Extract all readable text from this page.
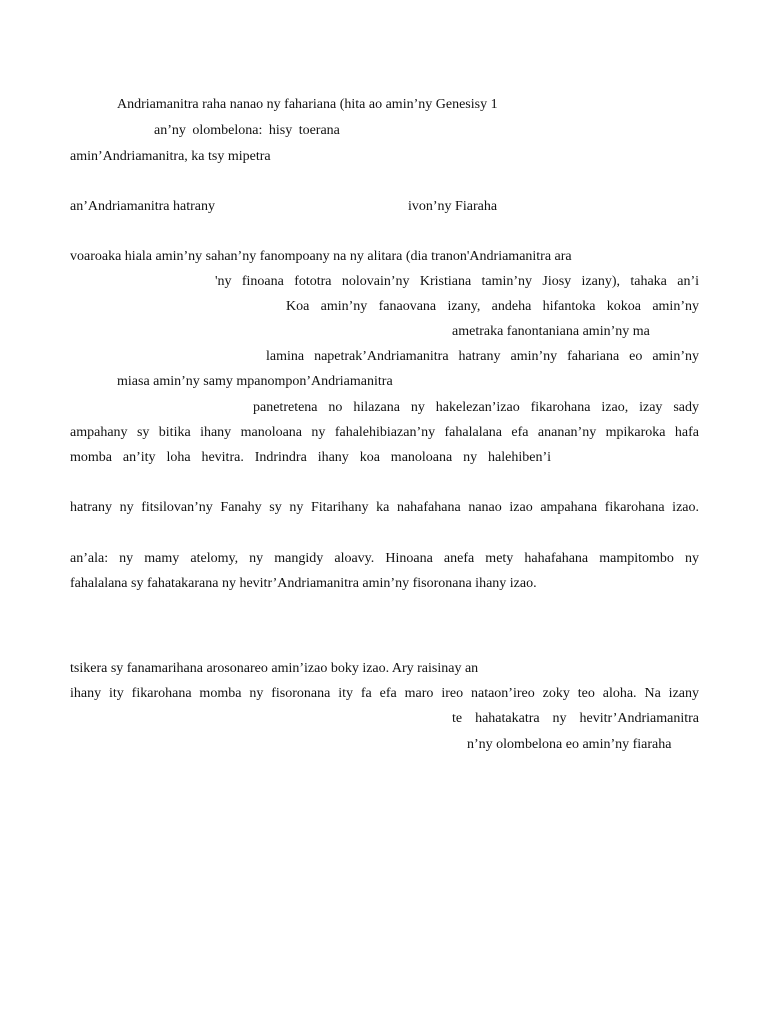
Andriamanitra raha nanao ny fahariana (hita ao amin’ny Genesisy 1
an’ny olombelona: hisy toerana
amin’Andriamanitra, ka tsy mipetra
an’Andriamanitra hatrany	ivon’ny Fiaraha
voaroaka hiala amin’ny sahan’ny fanompoany na ny alitara (dia tranon'Andriamanitra ara
'ny finoana fototra nolovain’ny Kristiana tamin’ny Jiosy izany), tahaka an’i
Koa amin’ny fanaovana izany, andeha hifantoka kokoa amin’ny
ametraka fanontaniana amin’ny ma
lamina napetrak’Andriamanitra hatrany amin’ny fahariana eo amin’ny
miasa amin’ny samy mpanompon’Andriamanitra
panetretena no hilazana ny hakelezan’izao fikarohana izao, izay sady
ampahany sy bitika ihany manoloana ny fahalehibiazan’ny fahalalana efa ananan’ny mpikaroka hafa
momba an’ity loha hevitra. Indrindra ihany koa manoloana ny halehiben’i
hatrany ny fitsilovan’ny Fanahy sy ny Fitarihany ka nahafahana nanao izao ampahana fikarohana izao.
an’ala: ny mamy atelomy, ny mangidy aloavy. Hinoana anefa mety hahafahana mampitombo ny
fahalalana sy fahatakarana ny hevitr’Andriamanitra amin’ny fisoronana ihany izao.
tsikera sy fanamarihana arosonareo amin’izao boky izao. Ary raisinay an
ihany ity fikarohana momba ny fisoronana ity fa efa maro ireo nataon’ireo zoky teo aloha. Na izany
te hahatakatra ny hevitr’Andriamanitra
n’ny olombelona eo amin’ny fiaraha
